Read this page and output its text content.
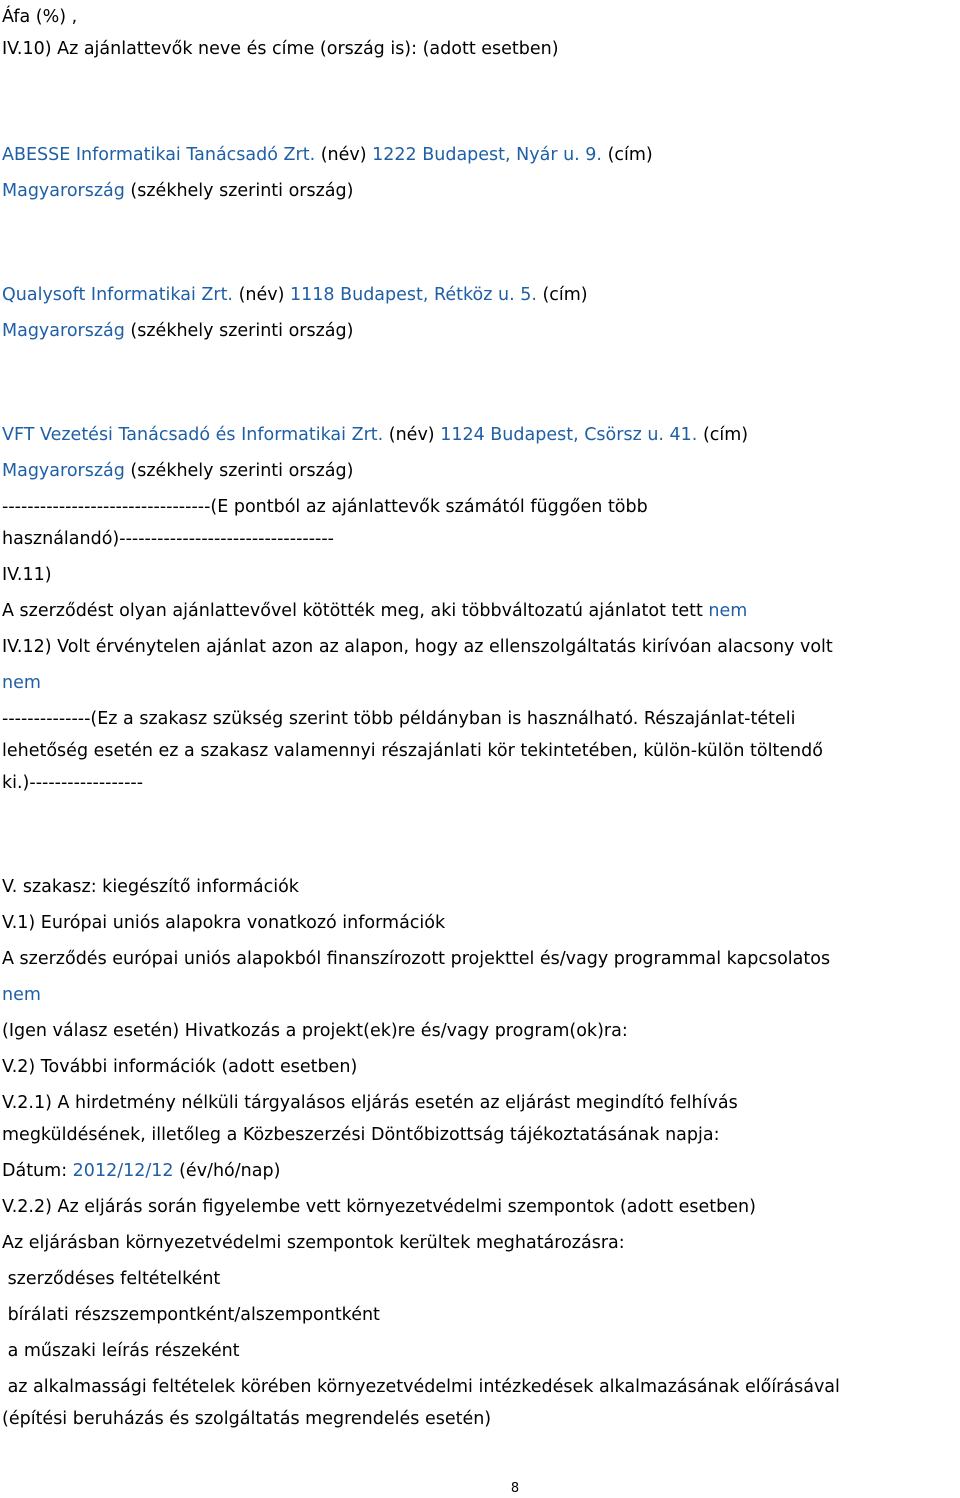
Áfa (%) ,
IV.10) Az ajánlattevők neve és címe (ország is): (adott esetben)
ABESSE Informatikai Tanácsadó Zrt. (név) 1222 Budapest, Nyár u. 9. (cím)
Magyarország (székhely szerinti ország)
Qualysoft Informatikai Zrt. (név) 1118 Budapest, Rétköz u. 5. (cím)
Magyarország (székhely szerinti ország)
VFT Vezetési Tanácsadó és Informatikai Zrt. (név) 1124 Budapest, Csörsz u. 41. (cím)
Magyarország (székhely szerinti ország)
---------------------------------(E pontból az ajánlattevők számától függően több
használandó)----------------------------------
IV.11)
A szerződést olyan ajánlattevővel kötötték meg, aki többváltozatú ajánlatot tett nem
IV.12) Volt érvénytelen ajánlat azon az alapon, hogy az ellenszolgáltatás kirívóan alacsony volt
nem
--------------(Ez a szakasz szükség szerint több példányban is használható. Részajánlat-tételi
lehetőség esetén ez a szakasz valamennyi részajánlati kör tekintetében, külön-külön töltendő
ki.)------------------
V. szakasz: kiegészítő információk
V.1) Európai uniós alapokra vonatkozó információk
A szerződés európai uniós alapokból finanszírozott projekttel és/vagy programmal kapcsolatos
nem
(Igen válasz esetén) Hivatkozás a projekt(ek)re és/vagy program(ok)ra:
V.2) További információk (adott esetben)
V.2.1) A hirdetmény nélküli tárgyalásos eljárás esetén az eljárást megindító felhívás
megküldésének, illetőleg a Közbeszerzési Döntőbizottság tájékoztatásának napja:
Dátum: 2012/12/12 (év/hó/nap)
V.2.2) Az eljárás során figyelembe vett környezetvédelmi szempontok (adott esetben)
Az eljárásban környezetvédelmi szempontok kerültek meghatározásra:
szerződéses feltételként
bírálati részszempontként/alszempontként
a műszaki leírás részeként
az alkalmassági feltételek körében környezetvédelmi intézkedések alkalmazásának előírásával
(építési beruházás és szolgáltatás megrendelés esetén)
8
